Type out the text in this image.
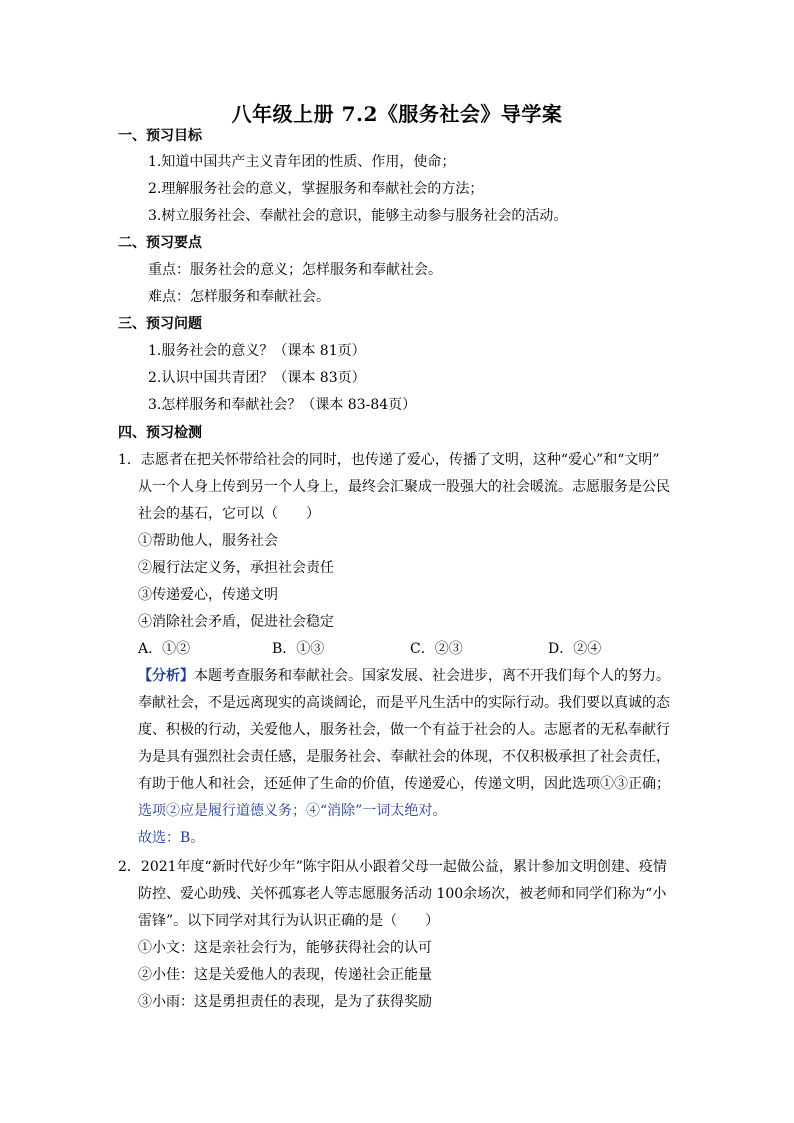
八年级上册 7.2《服务社会》导学案
一、预习目标
1.知道中国共产主义青年团的性质、作用，使命；
2.理解服务社会的意义，掌握服务和奉献社会的方法；
3.树立服务社会、奉献社会的意识，能够主动参与服务社会的活动。
二、预习要点
重点：服务社会的意义；怎样服务和奉献社会。
难点：怎样服务和奉献社会。
三、预习问题
1.服务社会的意义？（课本 81页）
2.认识中国共青团？（课本 83页）
3.怎样服务和奉献社会？（课本 83-84页）
四、预习检测
1．志愿者在把关怀带给社会的同时，也传递了爱心，传播了文明，这种“爱心”和“文明”
从一个人身上传到另一个人身上，最终会汇聚成一股强大的社会暖流。志愿服务是公民
社会的基石，它可以（　　）
①帮助他人，服务社会
②履行法定义务，承担社会责任
③传递爱心，传递文明
④消除社会矛盾，促进社会稳定
A．①②	B．①③	C．②③	D．②④
【分析】本题考查服务和奉献社会。国家发展、社会进步，离不开我们每个人的努力。
奉献社会，不是远离现实的高谈阔论，而是平凡生活中的实际行动。我们要以真诚的态
度、积极的行动，关爱他人，服务社会，做一个有益于社会的人。志愿者的无私奉献行
为是具有强烈社会责任感，是服务社会、奉献社会的体现，不仅积极承担了社会责任，
有助于他人和社会，还延伸了生命的价值，传递爱心，传递文明，因此选项①③正确；
选项②应是履行道德义务；④“消除”一词太绝对。
故选：B。
2．2021年度“新时代好少年”陈宇阳从小跟着父母一起做公益，累计参加文明创建、疫情
防控、爱心助残、关怀孤寡老人等志愿服务活动 100余场次，被老师和同学们称为“小
雷锋”。以下同学对其行为认识正确的是（　　）
①小文：这是亲社会行为，能够获得社会的认可
②小佳：这是关爱他人的表现，传递社会正能量
③小雨：这是勇担责任的表现，是为了获得奖励
